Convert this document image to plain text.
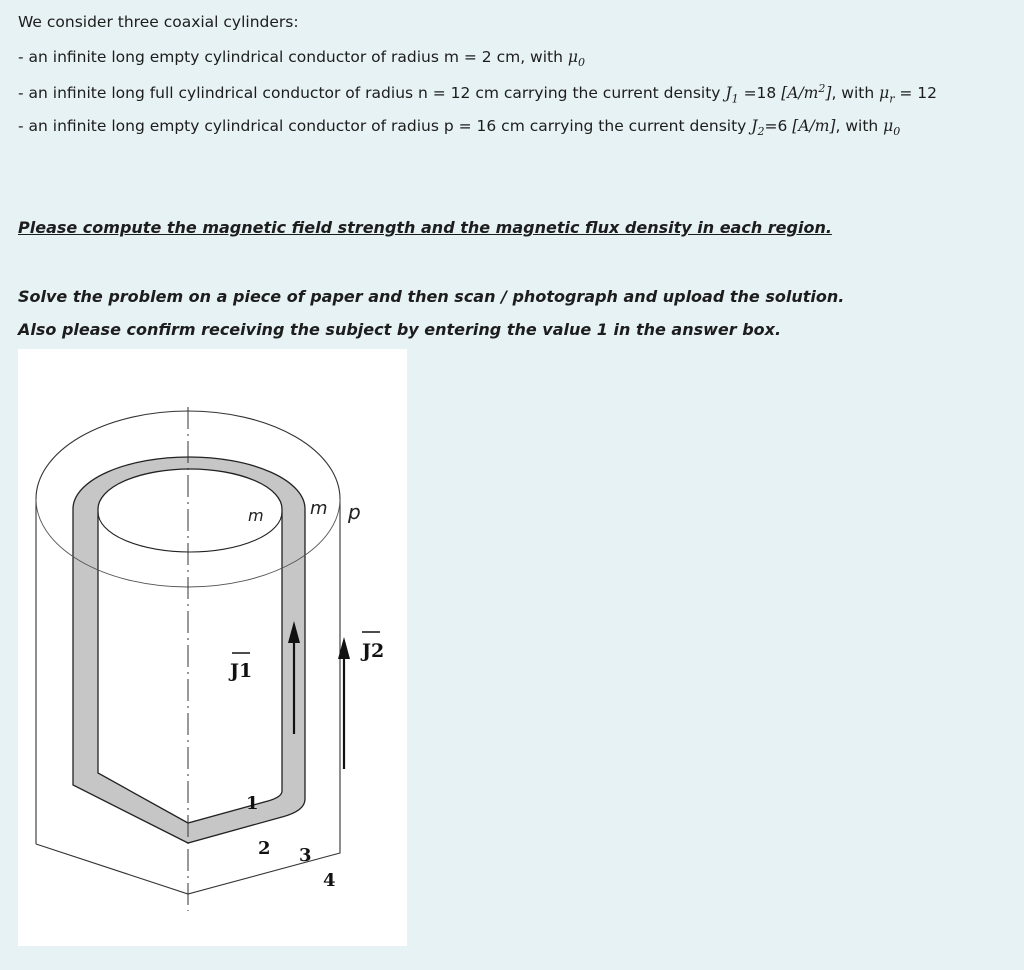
We consider three coaxial cylinders:
- an infinite long empty cylindrical conductor of radius m = 2 cm, with $\mu_0$
- an infinite long full cylindrical conductor of radius n = 12 cm carrying the current density $J_1 =18$ $[A/m^2]$, with $\mu_r = 12$
- an infinite long empty cylindrical conductor of radius p = 16 cm carrying the current density $J_2=6$ [A/m], with $\mu_0$
Please compute the magnetic field strength and the magnetic flux density in each region.
Solve the problem on a piece of paper and then scan / photograph and upload the solution.
Also please confirm receiving the subject by entering the value 1 in the answer box.
J1
J2
m	m p
1
2 3
4
